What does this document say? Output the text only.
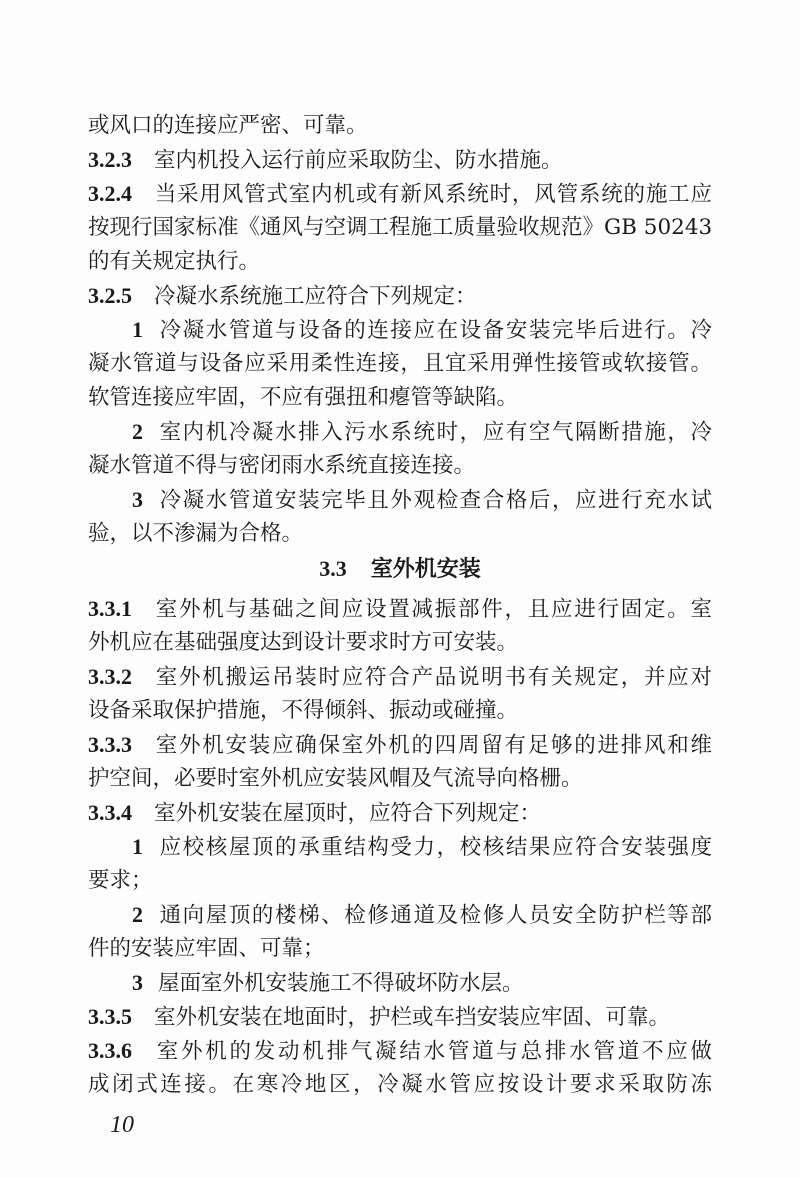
3.3 室外机安装
10
或风口的连接应严密、可靠。
3.2.3 室内机投入运行前应采取防尘、防水措施。
3.2.4 当采用风管式室内机或有新风系统时，风管系统的施工应
按现行国家标准《通风与空调工程施工质量验收规范》GB 50243
的有关规定执行。
3.2.5 冷凝水系统施工应符合下列规定：
1 冷凝水管道与设备的连接应在设备安装完毕后进行。冷
凝水管道与设备应采用柔性连接，且宜采用弹性接管或软接管。
软管连接应牢固，不应有强扭和瘪管等缺陷。
2 室内机冷凝水排入污水系统时，应有空气隔断措施，冷
凝水管道不得与密闭雨水系统直接连接。
3 冷凝水管道安装完毕且外观检查合格后，应进行充水试
验，以不渗漏为合格。
3.3.1 室外机与基础之间应设置减振部件，且应进行固定。室
外机应在基础强度达到设计要求时方可安装。
3.3.2 室外机搬运吊装时应符合产品说明书有关规定，并应对
设备采取保护措施，不得倾斜、振动或碰撞。
3.3.3 室外机安装应确保室外机的四周留有足够的进排风和维
护空间，必要时室外机应安装风帽及气流导向格栅。
3.3.4 室外机安装在屋顶时，应符合下列规定：
1 应校核屋顶的承重结构受力，校核结果应符合安装强度
要求；
2 通向屋顶的楼梯、检修通道及检修人员安全防护栏等部
件的安装应牢固、可靠；
3 屋面室外机安装施工不得破坏防水层。
3.3.5 室外机安装在地面时，护栏或车挡安装应牢固、可靠。
3.3.6 室外机的发动机排气凝结水管道与总排水管道不应做
成闭式连接。在寒冷地区，冷凝水管应按设计要求采取防冻
